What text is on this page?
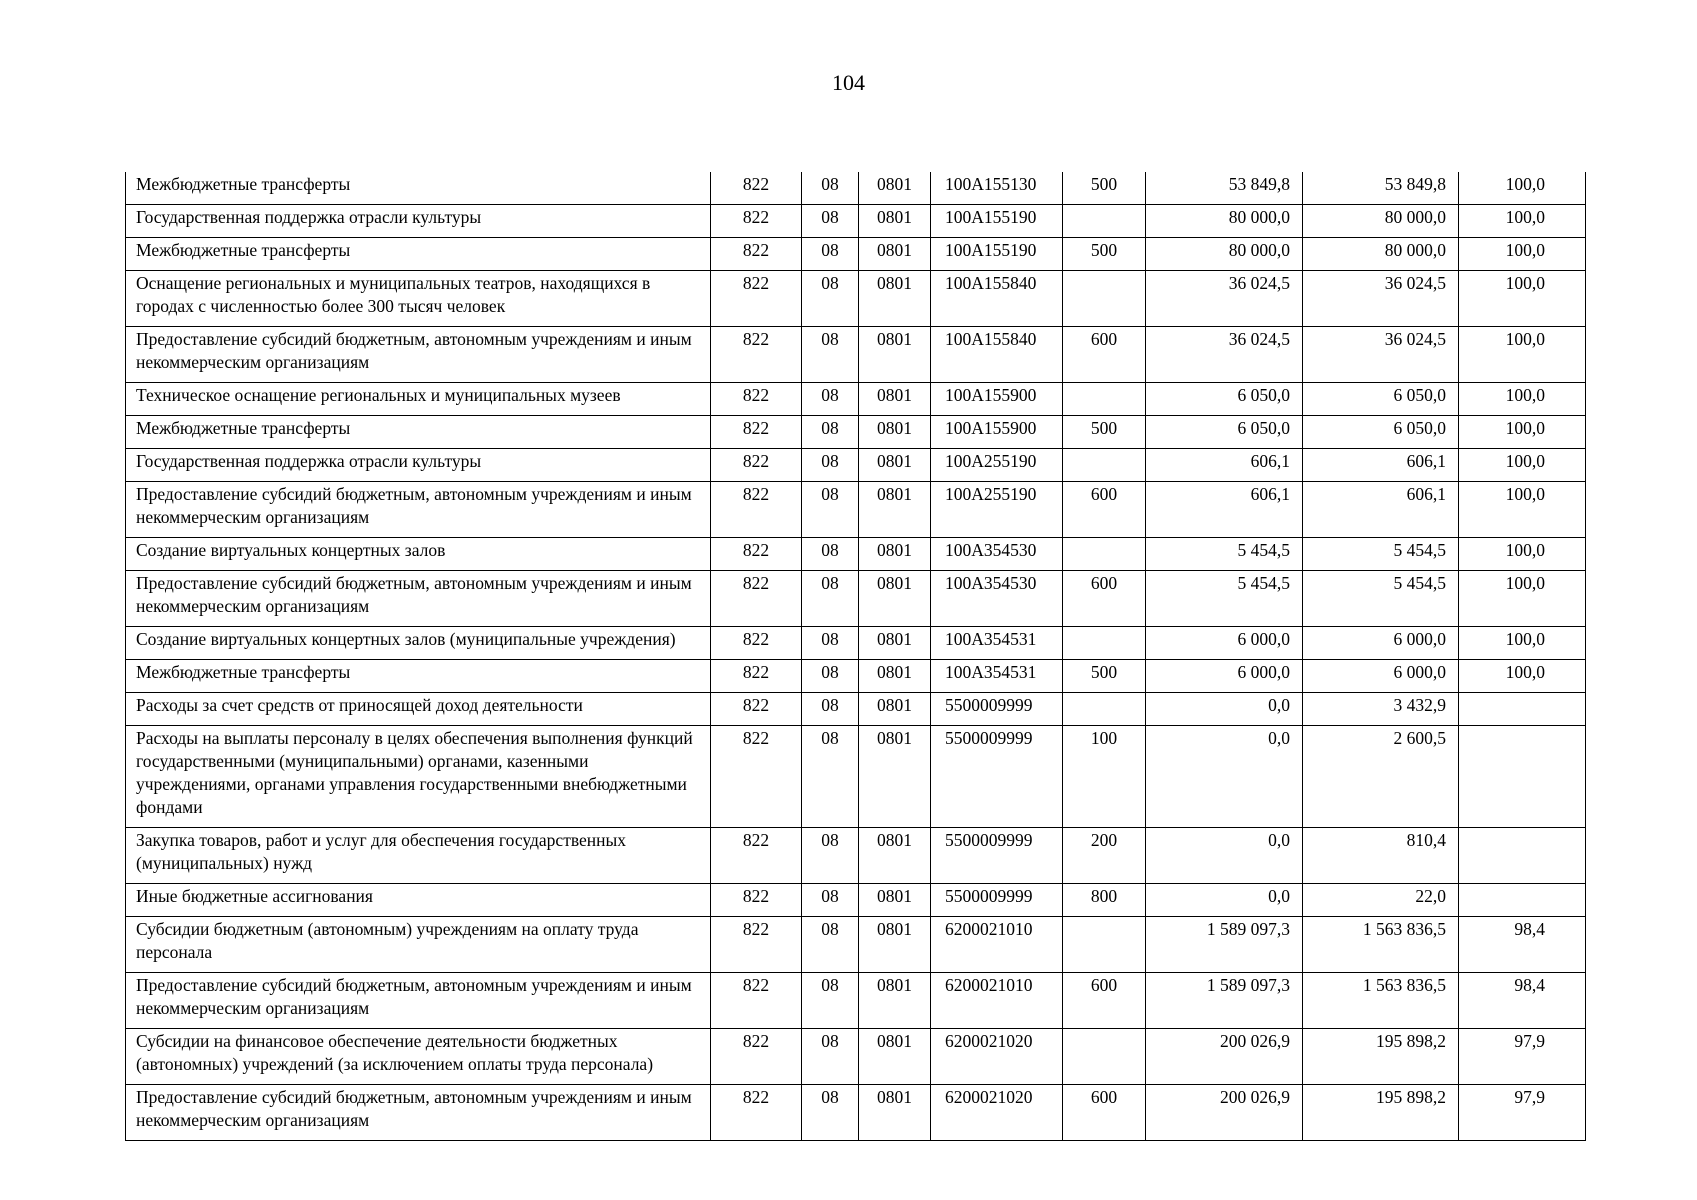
104
Межбюджетные трансферты	822	08	0801	100A155130	500	53 849,8	53 849,8	100,0
Государственная поддержка отрасли культуры	822	08	0801	100A155190		80 000,0	80 000,0	100,0
Межбюджетные трансферты	822	08	0801	100A155190	500	80 000,0	80 000,0	100,0
Оснащение региональных и муниципальных театров, находящихся в городах с численностью более 300 тысяч человек	822	08	0801	100A155840		36 024,5	36 024,5	100,0
Предоставление субсидий бюджетным, автономным учреждениям и иным некоммерческим организациям	822	08	0801	100A155840	600	36 024,5	36 024,5	100,0
Техническое оснащение региональных и муниципальных музеев	822	08	0801	100A155900		6 050,0	6 050,0	100,0
Межбюджетные трансферты	822	08	0801	100A155900	500	6 050,0	6 050,0	100,0
Государственная поддержка отрасли культуры	822	08	0801	100A255190		606,1	606,1	100,0
Предоставление субсидий бюджетным, автономным учреждениям и иным некоммерческим организациям	822	08	0801	100A255190	600	606,1	606,1	100,0
Создание виртуальных концертных залов	822	08	0801	100A354530		5 454,5	5 454,5	100,0
Предоставление субсидий бюджетным, автономным учреждениям и иным некоммерческим организациям	822	08	0801	100A354530	600	5 454,5	5 454,5	100,0
Создание виртуальных концертных залов (муниципальные учреждения)	822	08	0801	100A354531		6 000,0	6 000,0	100,0
Межбюджетные трансферты	822	08	0801	100A354531	500	6 000,0	6 000,0	100,0
Расходы за счет средств от приносящей доход деятельности	822	08	0801	5500009999		0,0	3 432,9	
Расходы на выплаты персоналу в целях обеспечения выполнения функций государственными (муниципальными) органами, казенными учреждениями, органами управления государственными внебюджетными фондами	822	08	0801	5500009999	100	0,0	2 600,5	
Закупка товаров, работ и услуг для обеспечения государственных (муниципальных) нужд	822	08	0801	5500009999	200	0,0	810,4	
Иные бюджетные ассигнования	822	08	0801	5500009999	800	0,0	22,0	
Субсидии бюджетным (автономным) учреждениям на оплату труда персонала	822	08	0801	6200021010		1 589 097,3	1 563 836,5	98,4
Предоставление субсидий бюджетным, автономным учреждениям и иным некоммерческим организациям	822	08	0801	6200021010	600	1 589 097,3	1 563 836,5	98,4
Субсидии на финансовое обеспечение деятельности бюджетных (автономных) учреждений (за исключением оплаты труда персонала)	822	08	0801	6200021020		200 026,9	195 898,2	97,9
Предоставление субсидий бюджетным, автономным учреждениям и иным некоммерческим организациям	822	08	0801	6200021020	600	200 026,9	195 898,2	97,9
